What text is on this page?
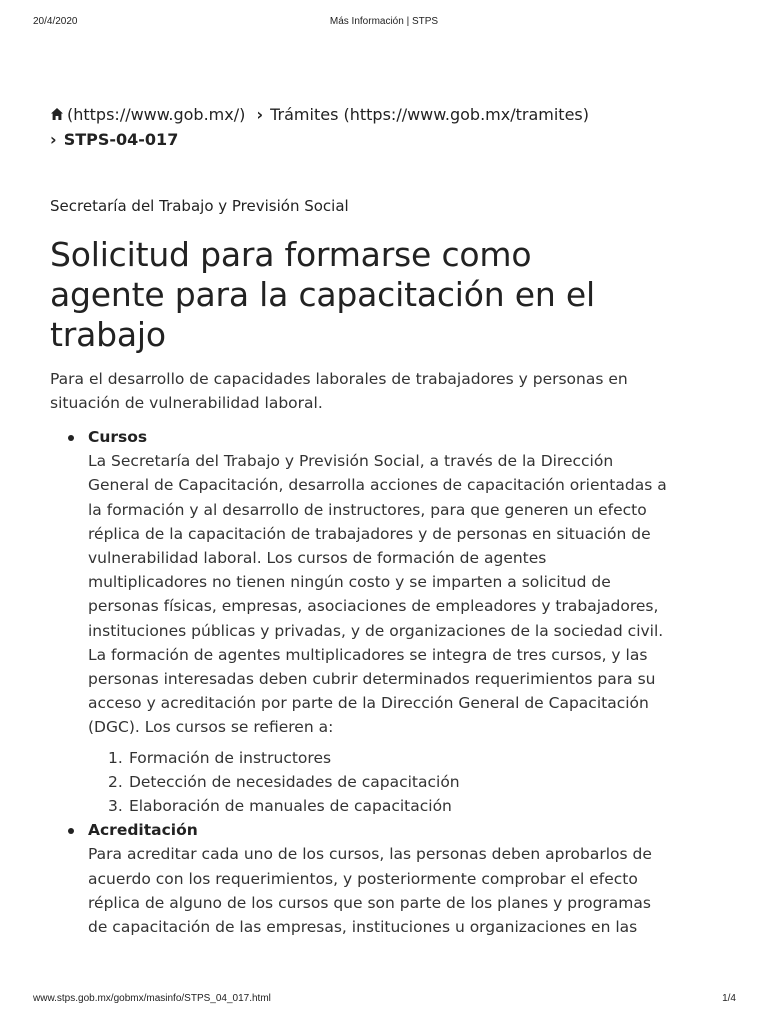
20/4/2020	Más Información | STPS
(https://www.gob.mx/) › Trámites (https://www.gob.mx/tramites)
› STPS-04-017
Secretaría del Trabajo y Previsión Social
Solicitud para formarse como
agente para la capacitación en el
trabajo
Para el desarrollo de capacidades laborales de trabajadores y personas en
situación de vulnerabilidad laboral.
Cursos
La Secretaría del Trabajo y Previsión Social, a través de la Dirección
General de Capacitación, desarrolla acciones de capacitación orientadas a
la formación y al desarrollo de instructores, para que generen un efecto
réplica de la capacitación de trabajadores y de personas en situación de
vulnerabilidad laboral. Los cursos de formación de agentes
multiplicadores no tienen ningún costo y se imparten a solicitud de
personas físicas, empresas, asociaciones de empleadores y trabajadores,
instituciones públicas y privadas, y de organizaciones de la sociedad civil.
La formación de agentes multiplicadores se integra de tres cursos, y las
personas interesadas deben cubrir determinados requerimientos para su
acceso y acreditación por parte de la Dirección General de Capacitación
(DGC). Los cursos se refieren a:
1. Formación de instructores
2. Detección de necesidades de capacitación
3. Elaboración de manuales de capacitación
Acreditación
Para acreditar cada uno de los cursos, las personas deben aprobarlos de
acuerdo con los requerimientos, y posteriormente comprobar el efecto
réplica de alguno de los cursos que son parte de los planes y programas
de capacitación de las empresas, instituciones u organizaciones en las
www.stps.gob.mx/gobmx/masinfo/STPS_04_017.html	1/4
